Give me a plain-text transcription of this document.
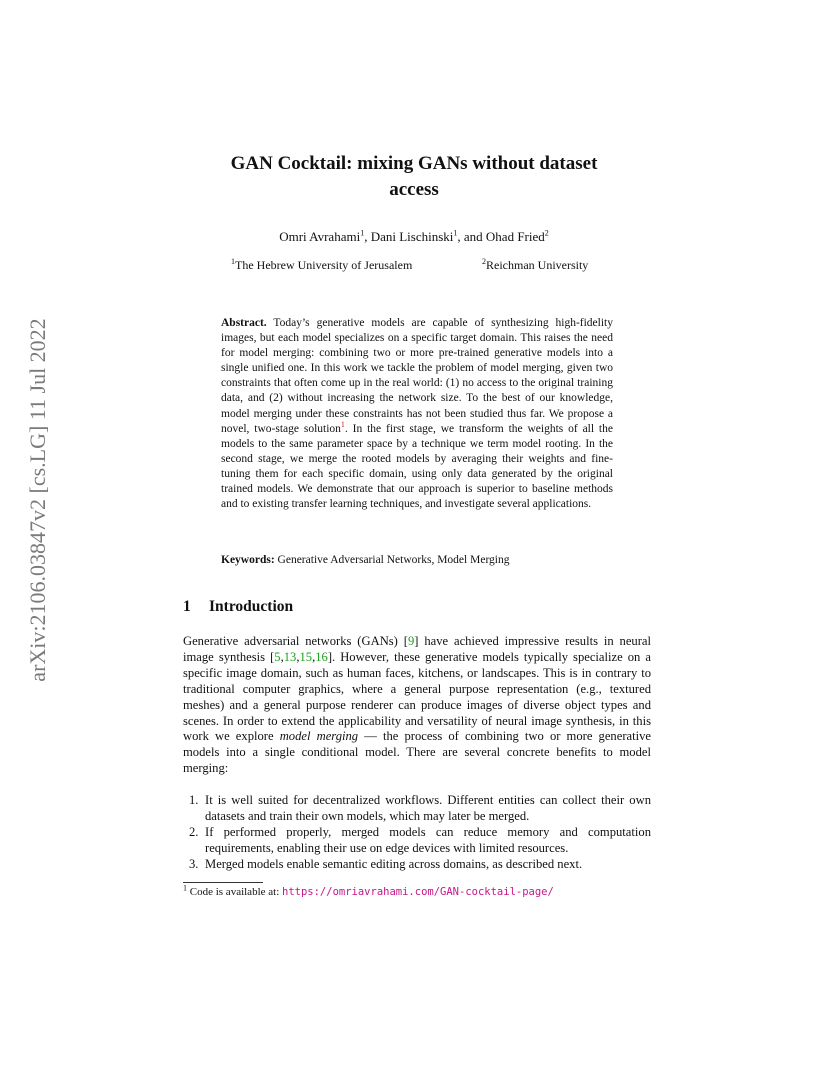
arXiv:2106.03847v2 [cs.LG] 11 Jul 2022
GAN Cocktail: mixing GANs without dataset
access
Omri Avrahami$^1$, Dani Lischinski$^1$, and Ohad Fried$^2$
$^1$The Hebrew University of Jerusalem	$^2$Reichman University
Abstract. Today’s generative models are capable of synthesizing high-fidelity images, but each model specializes on a specific target domain. This raises the need for model merging: combining two or more pre-trained generative models into a single unified one. In this work we tackle the problem of model merging, given two constraints that often come up in the real world: (1) no access to the original training data, and (2) without increasing the network size. To the best of our knowledge, model merging under these constraints has not been studied thus far. We propose a novel, two-stage solution$^1$. In the first stage, we transform the weights of all the models to the same parameter space by a technique we term model rooting. In the second stage, we merge the rooted models by averaging their weights and fine-tuning them for each specific domain, using only data generated by the original trained models. We demonstrate that our approach is superior to baseline methods and to existing transfer learning techniques, and investigate several applications.
Keywords: Generative Adversarial Networks, Model Merging
1 Introduction
Generative adversarial networks (GANs) [9] have achieved impressive results in neural image synthesis [5,13,15,16]. However, these generative models typically specialize on a specific image domain, such as human faces, kitchens, or landscapes. This is in contrary to traditional computer graphics, where a general purpose representation (e.g., textured meshes) and a general purpose renderer can produce images of diverse object types and scenes. In order to extend the applicability and versatility of neural image synthesis, in this work we explore model merging — the process of combining two or more generative models into a single conditional model. There are several concrete benefits to model merging:
1. It is well suited for decentralized workflows. Different entities can collect their own datasets and train their own models, which may later be merged.
2. If performed properly, merged models can reduce memory and computation requirements, enabling their use on edge devices with limited resources.
3. Merged models enable semantic editing across domains, as described next.
$^1$ Code is available at: https://omriavrahami.com/GAN-cocktail-page/
